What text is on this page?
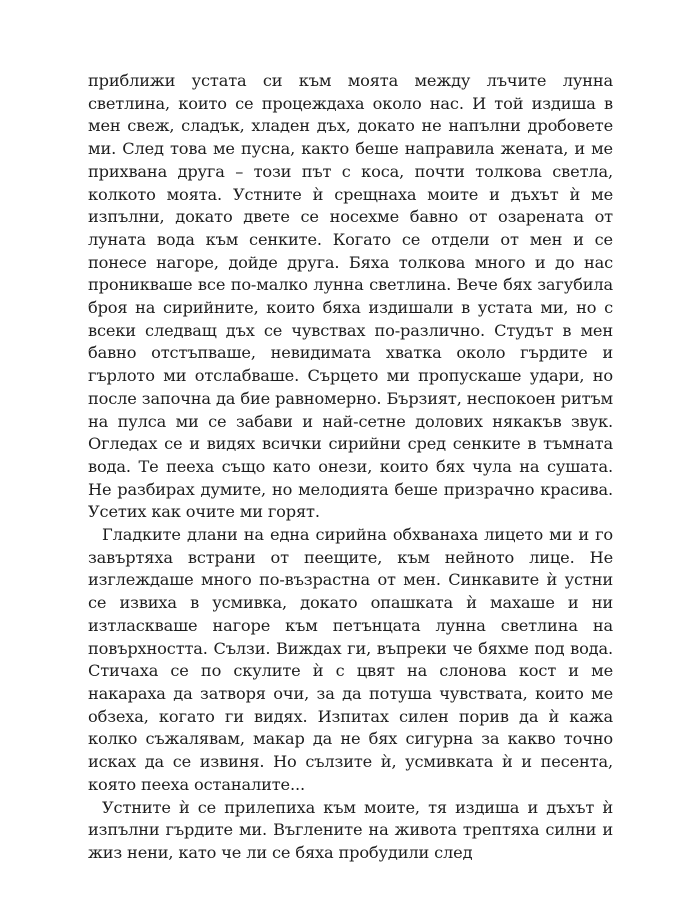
приближи устата си към моята между лъчите лунна светлина, които се процеждаха около нас. И той издиша в мен свеж, сладък, хладен дъх, докато не напълни дробовете ми. След това ме пусна, както беше направила жената, и ме прихвана друга – този път с коса, почти толкова светла, колкото моята. Устните ѝ срещнаха моите и дъхът ѝ ме изпълни, докато двете се носехме бавно от озарената от луната вода към сенките. Когато се отдели от мен и се понесе нагоре, дойде друга. Бяха толкова много и до нас проникваше все по-малко лунна светлина. Вече бях загубила броя на сирийните, които бяха издишали в устата ми, но с всеки следващ дъх се чувствах по-различно. Студът в мен бавно отстъпваше, невидимата хватка около гърдите и гърлото ми отслабваше. Сърцето ми пропускаше удари, но после започна да бие равномерно. Бързият, неспокоен ритъм на пулса ми се забави и най-сетне долових някакъв звук. Огледах се и видях всички сирийни сред сенките в тъмната вода. Те пееха също като онези, които бях чула на сушата. Не разбирах думите, но мелодията беше призрачно красива. Усетих как очите ми горят.

Гладките длани на една сирийна обхванаха лицето ми и го завъртяха встрани от пеещите, към нейното лице. Не изглеждаше много по-възрастна от мен. Синкавите ѝ устни се извиха в усмивка, докато опашката ѝ махаше и ни изтласкваше нагоре към петънцата лунна светлина на повърхността. Сълзи. Виждах ги, въпреки че бяхме под вода. Стичаха се по скулите ѝ с цвят на слонова кост и ме накараха да затворя очи, за да потуша чувствата, които ме обзеха, когато ги видях. Изпитах силен порив да ѝ кажа колко съжалявам, макар да не бях сигурна за какво точно исках да се извиня. Но сълзите ѝ, усмивката ѝ и песента, която пееха останалите...

Устните ѝ се прилепиха към моите, тя издиша и дъхът ѝ изпълни гърдите ми. Въглените на живота трептяха силни и жиз нени, като че ли се бяха пробудили след
